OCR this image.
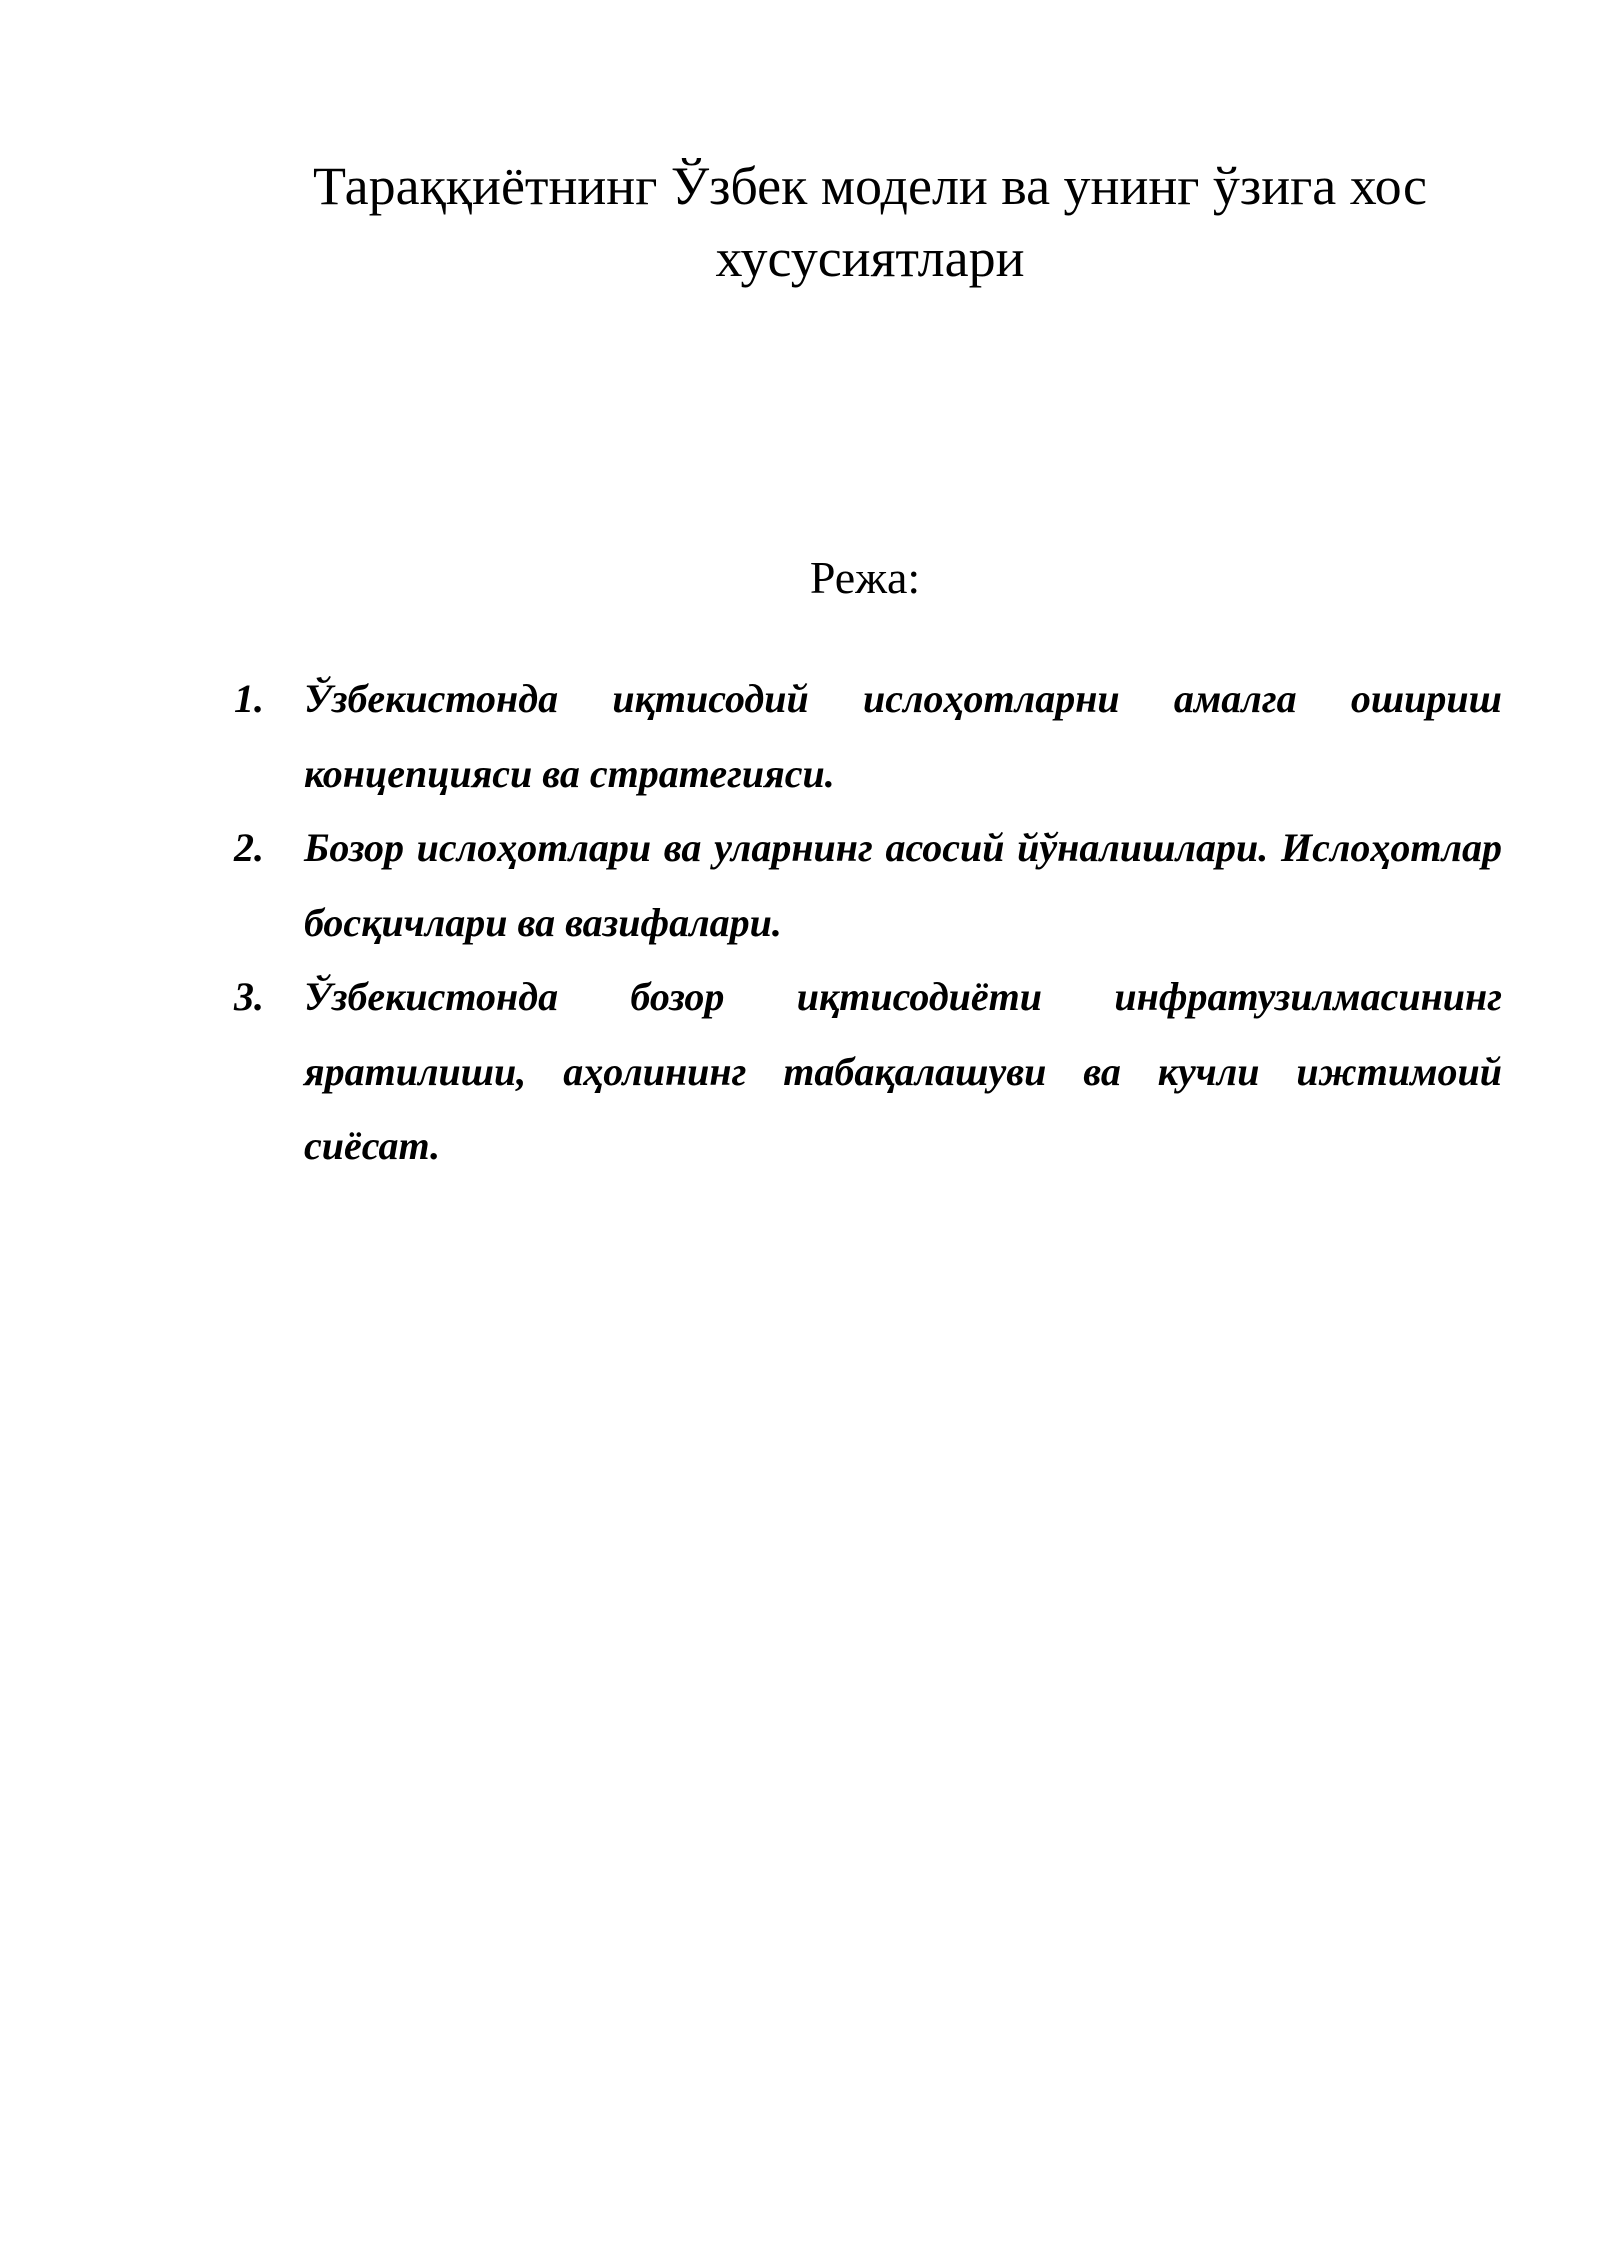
Тараққиётнинг Ўзбек модели ва унинг ўзига хос хусусиятлари
Режа:
1. Ўзбекистонда иқтисодий ислоҳотларни амалга ошириш концепцияси ва стратегияси.
2. Бозор ислоҳотлари ва уларнинг асосий йўналишлари. Ислоҳотлар босқичлари ва вазифалари.
3. Ўзбекистонда бозор иқтисодиёти инфратузилмасининг яратилиши, аҳолининг табақалашуви ва кучли ижтимоий сиёсат.
